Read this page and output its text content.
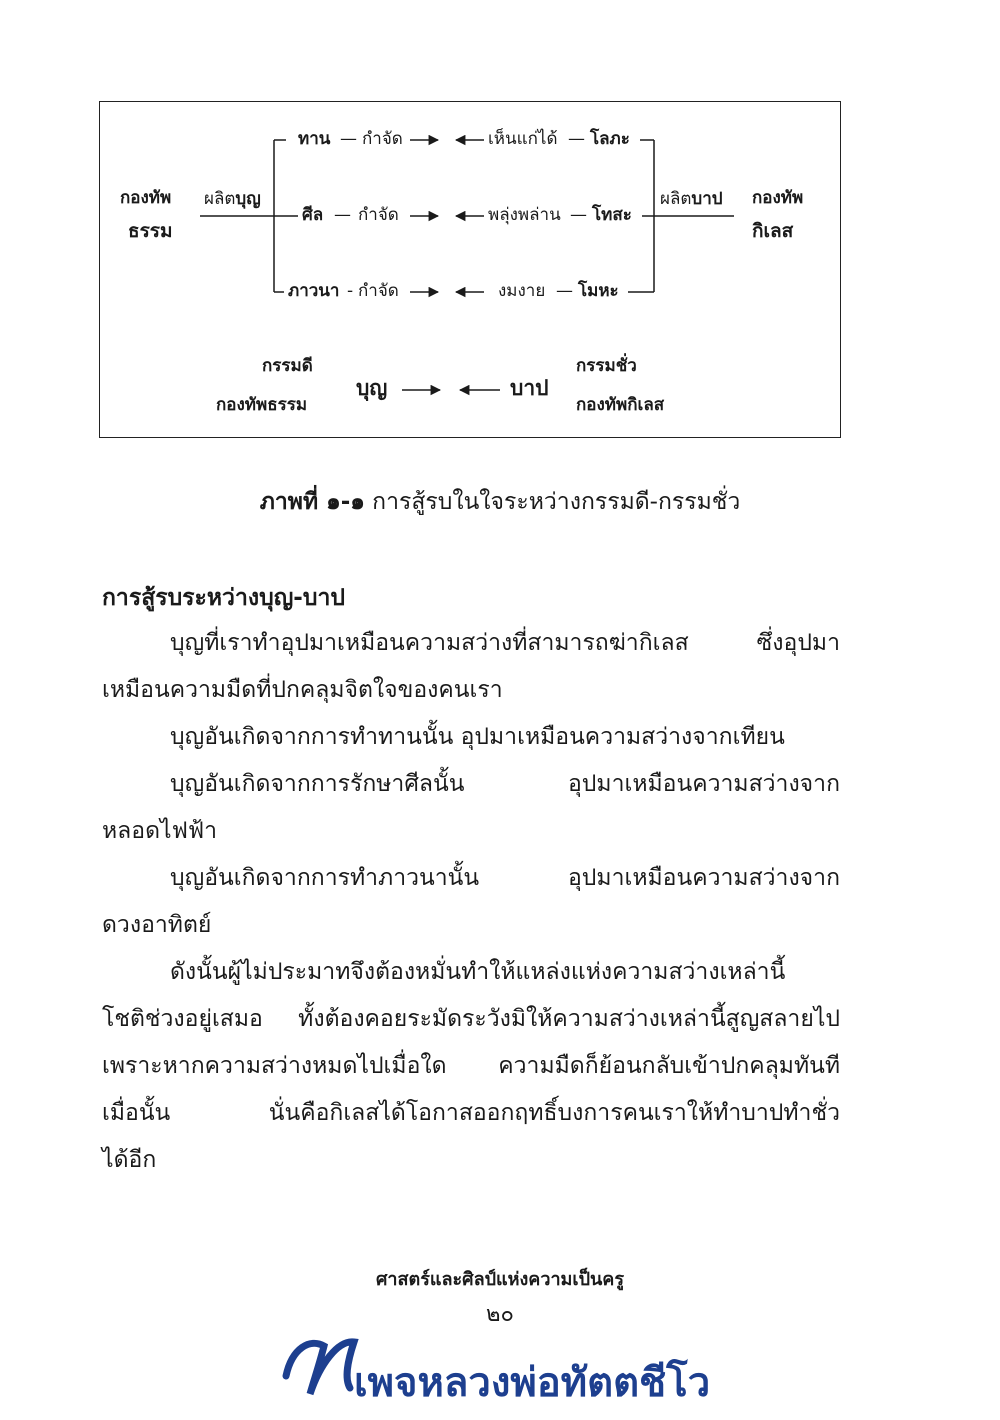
กองทัพ
ธรรม
ผลิตบุญ	กองทัพ
กิเลส
ผลิตบาป
ทาน — กำจัด	เห็นแก่ได้ — โลภะ
ศีล — กำจัด	พลุ่งพล่าน — โทสะ
ภาวนา - กำจัด	งมงาย — โมหะ
กรรมดี
กองทัพธรรม
บุญ	บาป
กรรมชั่ว
กองทัพกิเลส
ภาพที่ ๑-๑ การสู้รบในใจระหว่างกรรมดี-กรรมชั่ว
การสู้รบระหว่างบุญ-บาป
บุญที่เราทำอุปมาเหมือนความสว่างที่สามารถฆ่ากิเลส ซึ่งอุปมา
เหมือนความมืดที่ปกคลุมจิตใจของคนเรา
บุญอันเกิดจากการทำทานนั้น อุปมาเหมือนความสว่างจากเทียน
บุญอันเกิดจากการรักษาศีลนั้น อุปมาเหมือนความสว่างจาก
หลอดไฟฟ้า
บุญอันเกิดจากการทำภาวนานั้น อุปมาเหมือนความสว่างจาก
ดวงอาทิตย์
ดังนั้นผู้ไม่ประมาทจึงต้องหมั่นทำให้แหล่งแห่งความสว่างเหล่านี้
โชติช่วงอยู่เสมอ ทั้งต้องคอยระมัดระวังมิให้ความสว่างเหล่านี้สูญสลายไป
เพราะหากความสว่างหมดไปเมื่อใด ความมืดก็ย้อนกลับเข้าปกคลุมทันที
เมื่อนั้น นั่นคือกิเลสได้โอกาสออกฤทธิ์บงการคนเราให้ทำบาปทำชั่ว
ได้อีก
ศาสตร์และศิลป์แห่งความเป็นครู
๒๐
เพจหลวงพ่อทัตตชีโว
